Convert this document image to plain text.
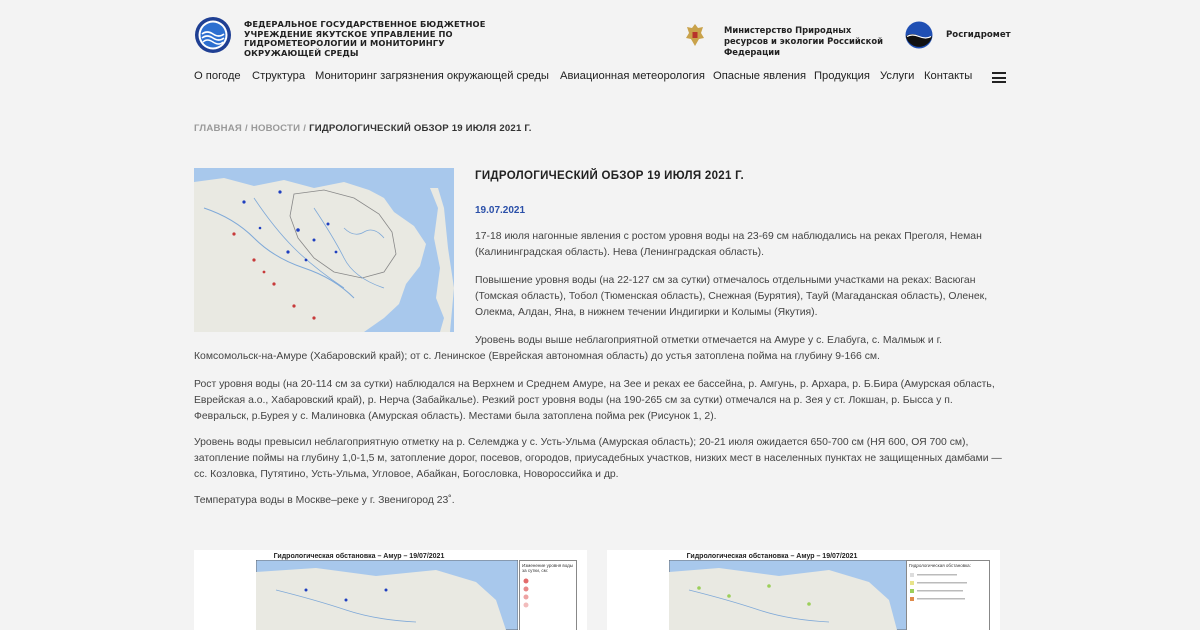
ФЕДЕРАЛЬНОЕ ГОСУДАРСТВЕННОЕ БЮДЖЕТНОЕ УЧРЕЖДЕНИЕ ЯКУТСКОЕ УПРАВЛЕНИЕ ПО ГИДРОМЕТЕОРОЛОГИИ И МОНИТОРИНГУ ОКРУЖАЮЩЕЙ СРЕДЫ
Министерство Природных ресурсов и экологии Российской Федерации
Росгидромет
О погоде Структура Мониторинг загрязнения окружающей среды Авиационная метеорология Опасные явления Продукция Услуги Контакты
ГЛАВНАЯ / НОВОСТИ / ГИДРОЛОГИЧЕСКИЙ ОБЗОР 19 ИЮЛЯ 2021 Г.
ГИДРОЛОГИЧЕСКИЙ ОБЗОР 19 ИЮЛЯ 2021 Г.
19.07.2021

17-18 июля нагонные явления с ростом уровня воды на 23-69 см наблюдались на реках Преголя, Неман (Калининградская область). Нева (Ленинградская область).

Повышение уровня воды (на 22-127 см за сутки) отмечалось отдельными участками на реках: Васюган (Томская область), Тобол (Тюменская область), Снежная (Бурятия), Тауй (Магаданская область), Оленек, Олекма, Алдан, Яна, в нижнем течении Индигирки и Колымы (Якутия).

Уровень воды выше неблагоприятной отметки отмечается на Амуре у с. Елабуга, с. Малмыж и г.

Комсомольск-на-Амуре (Хабаровский край); от с. Ленинское (Еврейская автономная область) до устья затоплена пойма на глубину 9-166 см.

Рост уровня воды (на 20-114 см за сутки) наблюдался на Верхнем и Среднем Амуре, на Зее и реках ее бассейна, р. Амгунь, р. Архара, р. Б.Бира (Амурская область, Еврейская а.о., Хабаровский край), р. Нерча (Забайкалье). Резкий рост уровня воды (на 190-265 см за сутки) отмечался на р. Зея у ст. Локшан, р. Бысса у п. Февральск, р.Бурея у с. Малиновка (Амурская область). Местами была затоплена пойма рек (Рисунок 1, 2).

Уровень воды превысил неблагоприятную отметку на р. Селемджа у с. Усть-Ульма (Амурская область); 20-21 июля ожидается 650-700 см (НЯ 600, ОЯ 700 см), затопление поймы на глубину 1,0-1,5 м, затопление дорог, посевов, огородов, приусадебных участков, низких мест в населенных пунктах не защищенных дамбами — сс. Козловка, Путятино, Усть-Ульма, Угловое, Абайкан, Богословка, Новороссийка и др.

Температура воды в Москве–реке у г. Звенигород 23˚.

Гидрологическая обстановка – Амур – 19/07/2021
Изменение уровня воды за сутки, см:
Гидрологическая обстановка – Амур – 19/07/2021
Гидрологическая обстановка:
